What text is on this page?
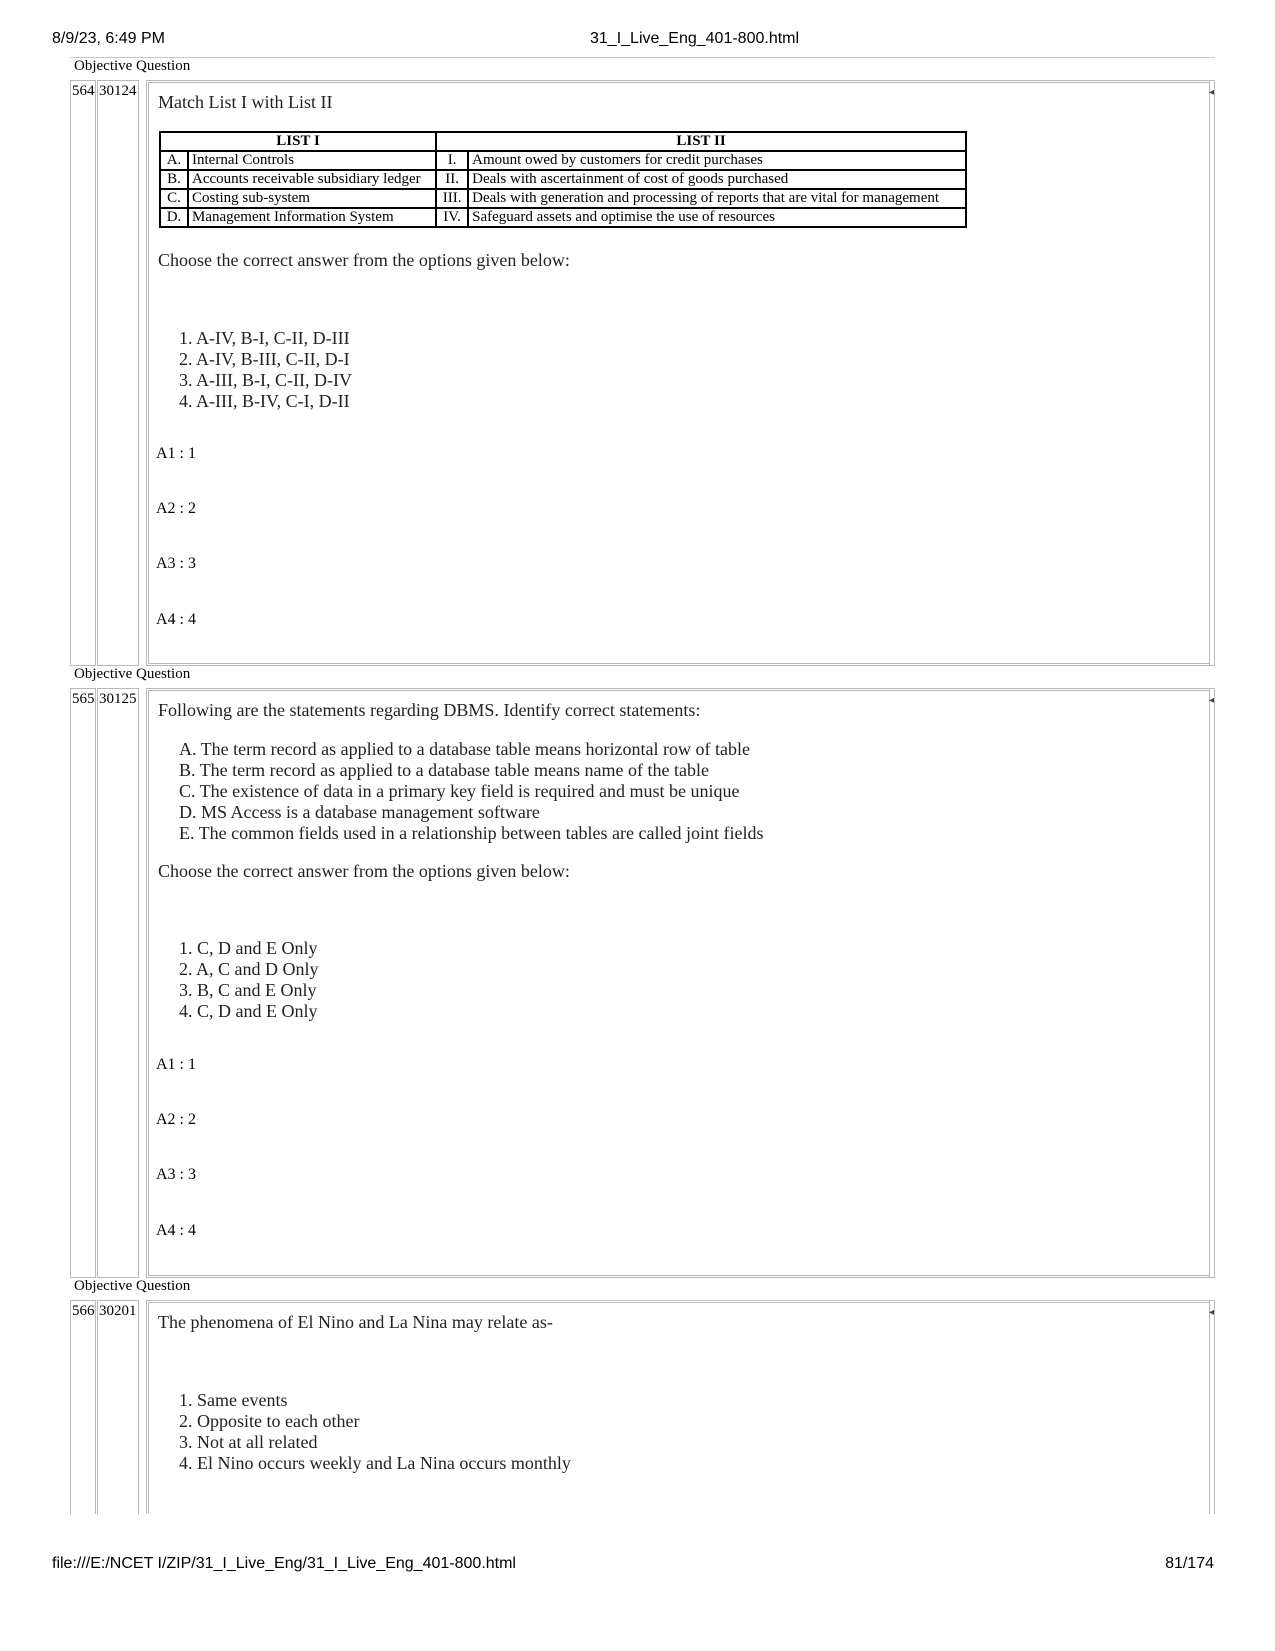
8/9/23, 6:49 PM	31_I_Live_Eng_401-800.html
Objective Question
564 30124
Match List I with List II
LIST I		LIST II	
A.	Internal Controls	I.	Amount owed by customers for credit purchases
B.	Accounts receivable subsidiary ledger	II.	Deals with ascertainment of cost of goods purchased
C.	Costing sub-system	III.	Deals with generation and processing of reports that are vital for management
D.	Management Information System	IV.	Safeguard assets and optimise the use of resources
Choose the correct answer from the options given below:
1. A-IV, B-I, C-II, D-III
2. A-IV, B-III, C-II, D-I
3. A-III, B-I, C-II, D-IV
4. A-III, B-IV, C-I, D-II
A1 : 1
A2 : 2
A3 : 3
A4 : 4
◂
Objective Question
565 30125
Following are the statements regarding DBMS. Identify correct statements:
A. The term record as applied to a database table means horizontal row of table
B. The term record as applied to a database table means name of the table
C. The existence of data in a primary key field is required and must be unique
D. MS Access is a database management software
E. The common fields used in a relationship between tables are called joint fields
Choose the correct answer from the options given below:
1. C, D and E Only
2. A, C and D Only
3. B, C and E Only
4. C, D and E Only
A1 : 1
A2 : 2
A3 : 3
A4 : 4
◂
Objective Question
566 30201
The phenomena of El Nino and La Nina may relate as-
1. Same events
2. Opposite to each other
3. Not at all related
4. El Nino occurs weekly and La Nina occurs monthly
◂
file:///E:/NCET I/ZIP/31_I_Live_Eng/31_I_Live_Eng_401-800.html	81/174
